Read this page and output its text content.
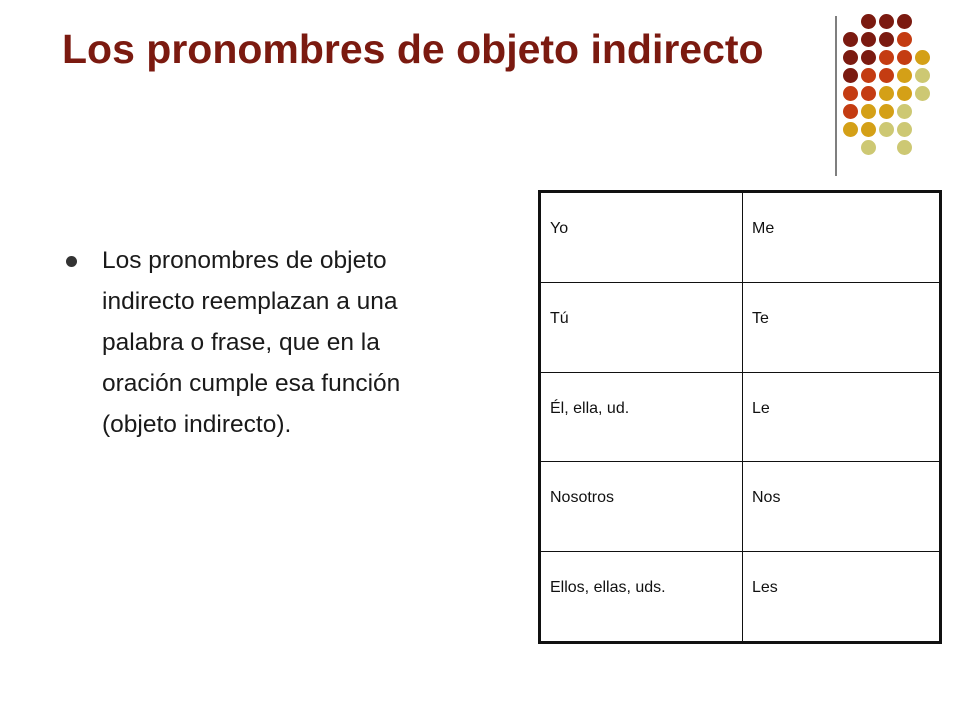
Los pronombres de objeto indirecto

Los pronombres de objeto indirecto reemplazan a una palabra o frase, que en la oración cumple esa función (objeto indirecto).

Yo	Me
Tú	Te
Él, ella, ud.	Le
Nosotros	Nos
Ellos, ellas, uds.	Les
